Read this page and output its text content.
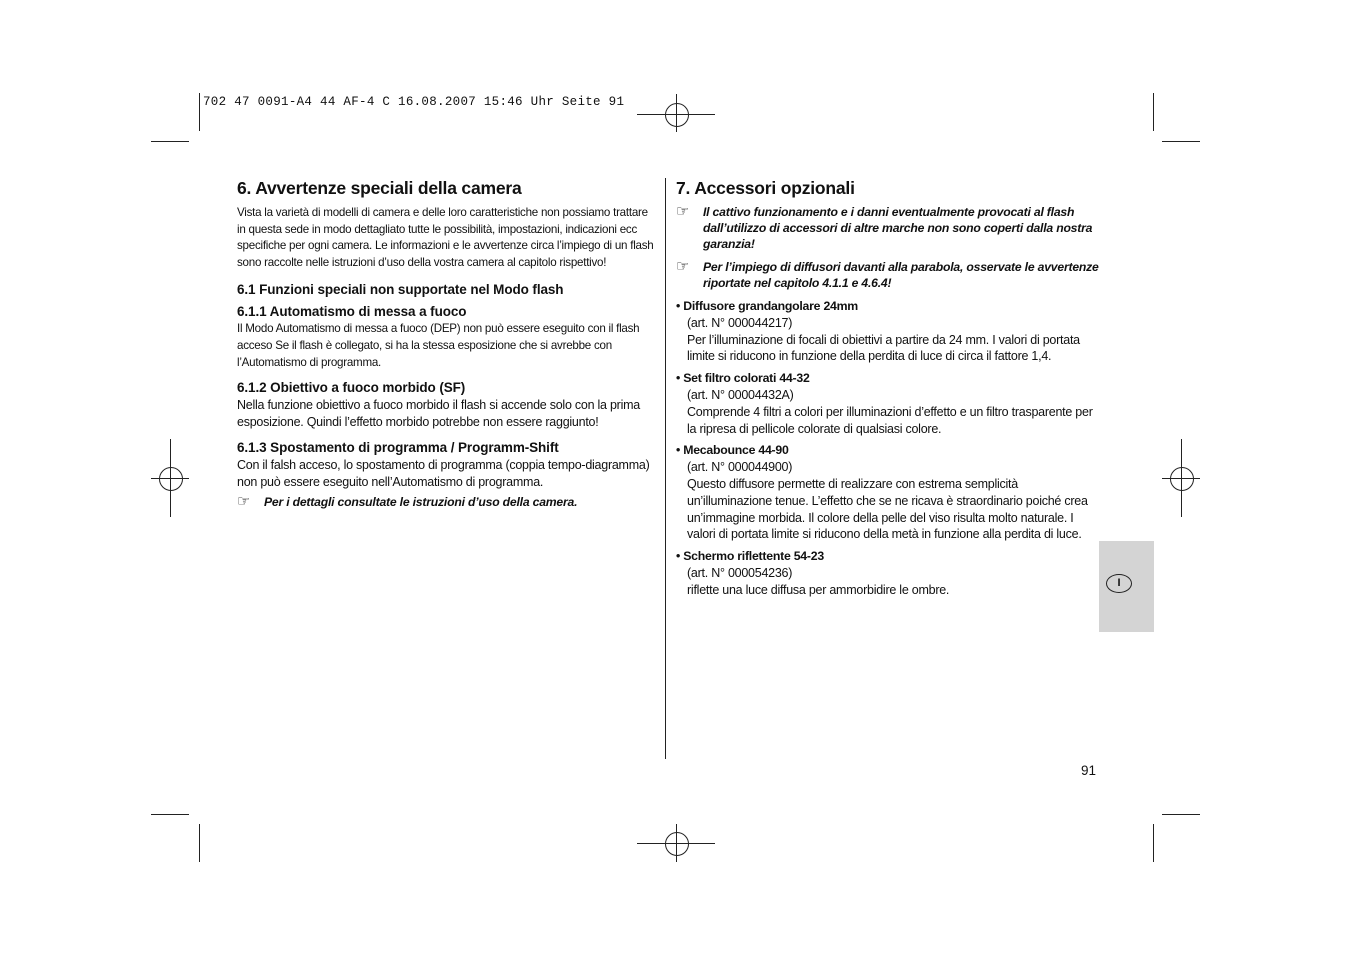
702 47 0091-A4 44 AF-4 C 16.08.2007 15:46 Uhr Seite 91
6. Avvertenze speciali della camera

Vista la varietà di modelli di camera e delle loro caratteristiche non possiamo trattare in questa sede in modo dettagliato tutte le possibilità, impostazioni, indicazioni ecc specifiche per ogni camera. Le informazioni e le avvertenze circa l’impiego di un flash sono raccolte nelle istruzioni d’uso della vostra camera al capitolo rispettivo!

6.1 Funzioni speciali non supportate nel Modo flash
6.1.1 Automatismo di messa a fuoco

Il Modo Automatismo di messa a fuoco (DEP) non può essere eseguito con il flash acceso Se il flash è collegato, si ha la stessa esposizione che si avrebbe con l’Automatismo di programma.

6.1.2 Obiettivo a fuoco morbido (SF)

Nella funzione obiettivo a fuoco morbido il flash si accende solo con la prima esposizione. Quindi l’effetto morbido potrebbe non essere raggiunto!

6.1.3 Spostamento di programma / Programm-Shift

Con il falsh acceso, lo spostamento di programma (coppia tempo-diagramma) non può essere eseguito nell’Automatismo di programma.

☞	Per i dettagli consultate le istruzioni d’uso della camera.
7. Accessori opzionali
☞	Il cattivo funzionamento e i danni eventualmente provocati al flash dall’utilizzo di accessori di altre marche non sono coperti dalla nostra garanzia!
☞	Per l’impiego di diffusori davanti alla parabola, osservate le avvertenze riportate nel capitolo 4.1.1 e 4.6.4!
• Diffusore grandangolare 24mm
(art. N° 000044217)
Per l’illuminazione di focali di obiettivi a partire da 24 mm. I valori di portata limite si riducono in funzione della perdita di luce di circa il fattore 1,4.
• Set filtro colorati 44-32
(art. N° 00004432A)
Comprende 4 filtri a colori per illuminazioni d’effetto e un filtro trasparente per la ripresa di pellicole colorate di qualsiasi colore.
• Mecabounce 44-90
(art. N° 000044900)
Questo diffusore permette di realizzare con estrema semplicità un’illuminazione tenue. L’effetto che se ne ricava è straordinario poiché crea un’immagine morbida. Il colore della pelle del viso risulta molto naturale. I valori di portata limite si riducono della metà in funzione alla perdita di luce.
• Schermo riflettente 54-23
(art. N° 000054236)
riflette una luce diffusa per ammorbidire le ombre.	I
91
